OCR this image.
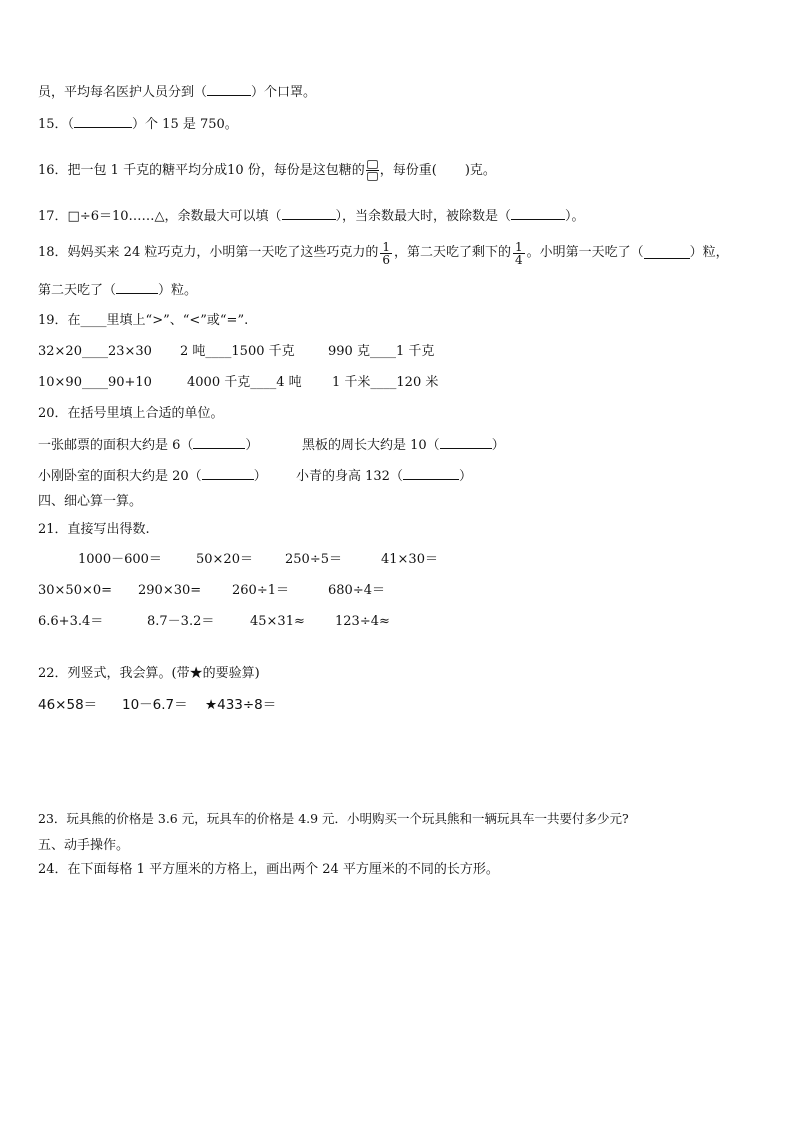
员，平均每名医护人员分到（	）个口罩。
15．（	）个 15 是 750。
16．把一包 1 千克的糖平均分成10 份，每份是这包糖的 ，每份重( )克。
17．□÷6＝10……△，余数最大可以填（	），当余数最大时，被除数是（	）。
18．妈妈买来 24 粒巧克力，小明第一天吃了这些巧克力的 $\frac{1}{6}$ ，第二天吃了剩下的 $\frac{1}{4}$ 。小明第一天吃了（	）粒，
第二天吃了（	）粒。
19．在____里填上“>”、“<”或“=”.
32×20____23×30 2 吨____1500 千克	990 克____1 千克
10×90____90+10	4000 千克____4 吨 1 千米____120 米
20．在括号里填上合适的单位。
一张邮票的面积大约是 6（	）	黑板的周长大约是 10（	）
小刚卧室的面积大约是 20（	） 小青的身高 132（	）
四、细心算一算。
21．直接写出得数.
1000－600＝	50×20＝ 250÷5＝	41×30＝
30×50×0= 290×30= 260÷1＝	680÷4＝
6.6+3.4＝	8.7－3.2＝	45×31≈ 123÷4≈
22．列竖式，我会算。(带★的要验算)
46×58＝ 10－6.7＝ ★433÷8＝
23．玩具熊的价格是 3.6 元，玩具车的价格是 4.9 元．小明购买一个玩具熊和一辆玩具车一共要付多少元?
五、动手操作。
24．在下面每格 1 平方厘米的方格上，画出两个 24 平方厘米的不同的长方形。
